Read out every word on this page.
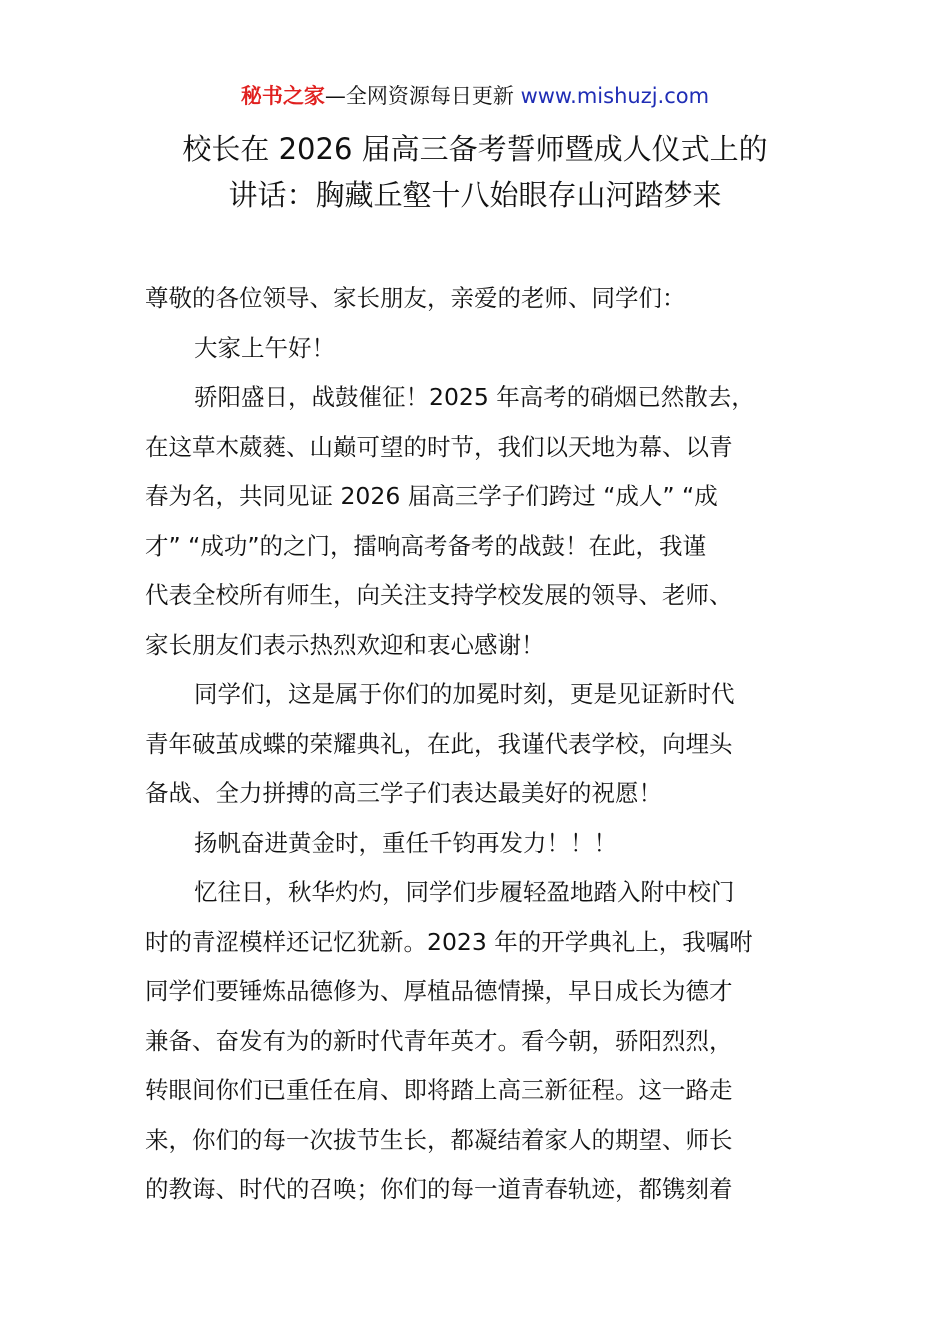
秘书之家—全网资源每日更新 www.mishuzj.com
校长在 2026 届高三备考誓师暨成人仪式上的
讲话：胸藏丘壑十八始眼存山河踏梦来
尊敬的各位领导、家长朋友，亲爱的老师、同学们：
大家上午好！
骄阳盛日，战鼓催征！2025 年高考的硝烟已然散去，
在这草木葳蕤、山巅可望的时节，我们以天地为幕、以青
春为名，共同见证 2026 届高三学子们跨过 “成人” “成
才” “成功”的之门，擂响高考备考的战鼓！在此，我谨
代表全校所有师生，向关注支持学校发展的领导、老师、
家长朋友们表示热烈欢迎和衷心感谢！
同学们，这是属于你们的加冕时刻，更是见证新时代
青年破茧成蝶的荣耀典礼，在此，我谨代表学校，向埋头
备战、全力拼搏的高三学子们表达最美好的祝愿！
扬帆奋进黄金时，重任千钧再发力！！！
忆往日，秋华灼灼，同学们步履轻盈地踏入附中校门
时的青涩模样还记忆犹新。2023 年的开学典礼上，我嘱咐
同学们要锤炼品德修为、厚植品德情操，早日成长为德才
兼备、奋发有为的新时代青年英才。看今朝，骄阳烈烈，
转眼间你们已重任在肩、即将踏上高三新征程。这一路走
来，你们的每一次拔节生长，都凝结着家人的期望、师长
的教诲、时代的召唤；你们的每一道青春轨迹，都镌刻着
